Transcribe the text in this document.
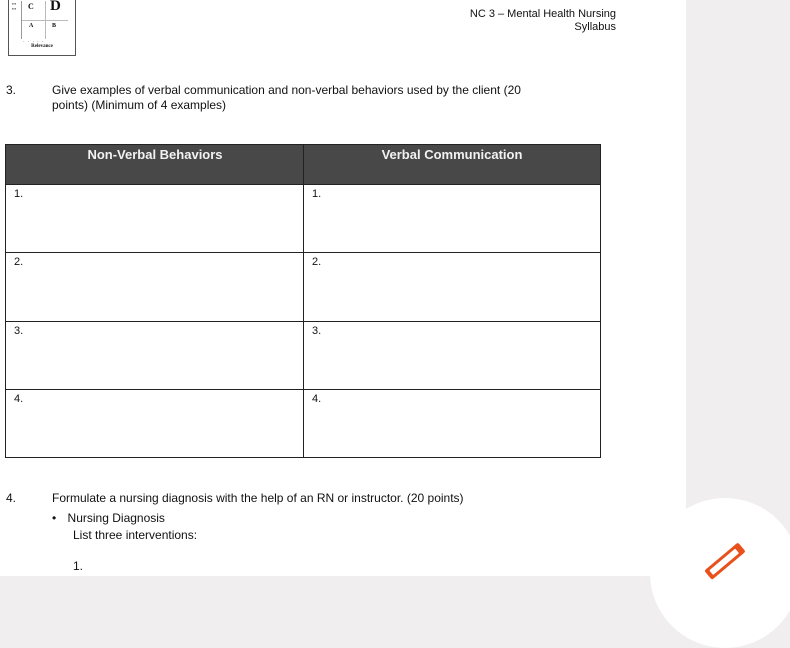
▪▪▪▪▪▪ C D
A	B
·····
Relevance
NC 3 – Mental Health Nursing
Syllabus
3.	Give examples of verbal communication and non-verbal behaviors used by the client (20
points) (Minimum of 4 examples)
Non-Verbal Behaviors	Verbal Communication
1.	1.
2.	2.
3.	3.
4.	4.
4.	Formulate a nursing diagnosis with the help of an RN or instructor. (20 points)
• Nursing Diagnosis
List three interventions:
1.
